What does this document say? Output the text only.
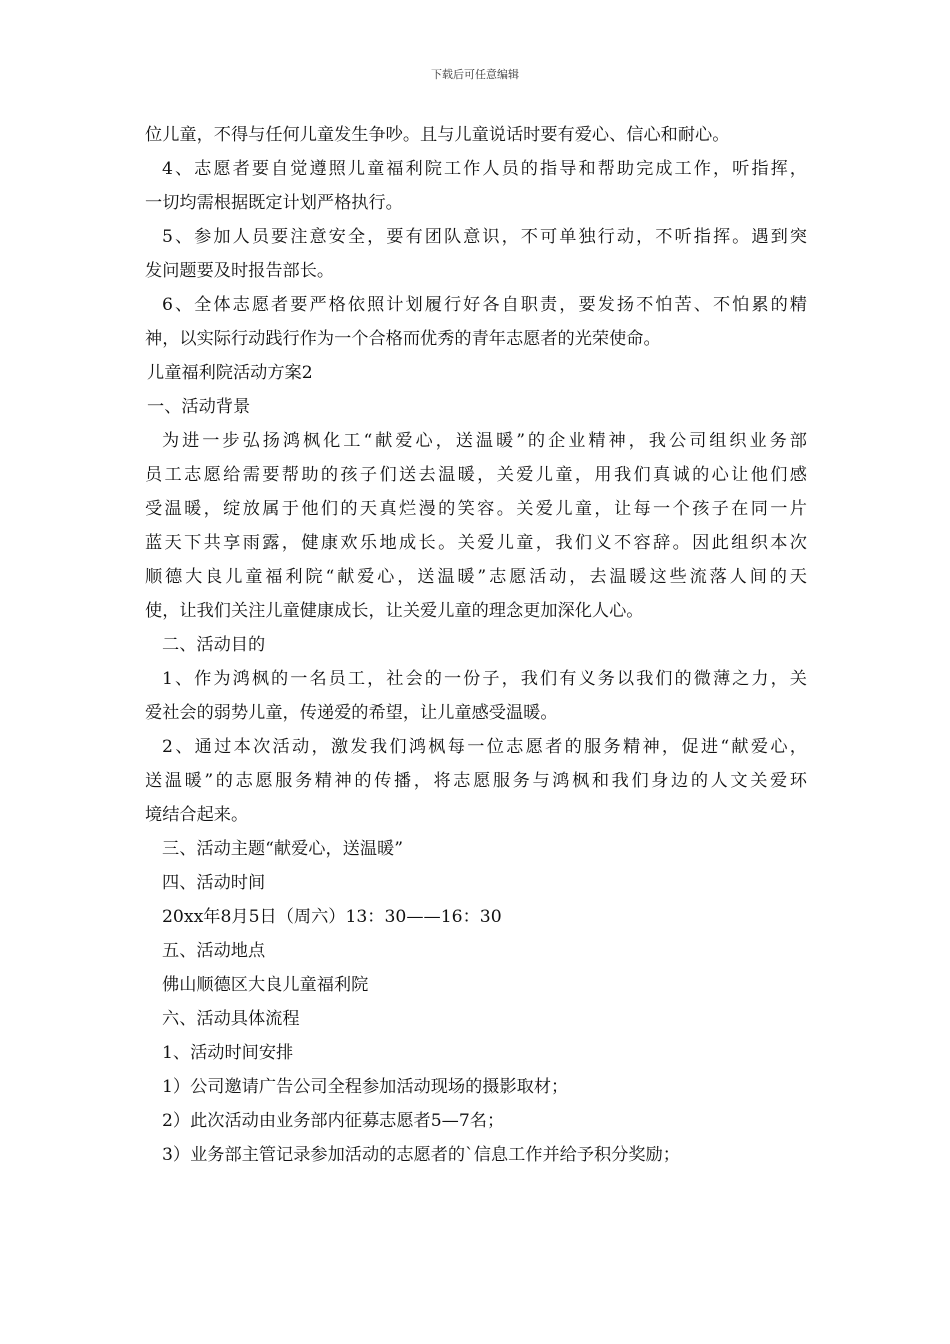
下载后可任意编辑
位儿童，不得与任何儿童发生争吵。且与儿童说话时要有爱心、信心和耐心。
4、志愿者要自觉遵照儿童福利院工作人员的指导和帮助完成工作，听指挥，
一切均需根据既定计划严格执行。
5、参加人员要注意安全，要有团队意识，不可单独行动，不听指挥。遇到突
发问题要及时报告部长。
6、全体志愿者要严格依照计划履行好各自职责，要发扬不怕苦、不怕累的精
神，以实际行动践行作为一个合格而优秀的青年志愿者的光荣使命。
儿童福利院活动方案2
一、活动背景
为进一步弘扬鸿枫化工“献爱心，送温暖”的企业精神，我公司组织业务部
员工志愿给需要帮助的孩子们送去温暖，关爱儿童，用我们真诚的心让他们感
受温暖，绽放属于他们的天真烂漫的笑容。关爱儿童，让每一个孩子在同一片
蓝天下共享雨露，健康欢乐地成长。关爱儿童，我们义不容辞。因此组织本次
顺德大良儿童福利院“献爱心，送温暖”志愿活动，去温暖这些流落人间的天
使，让我们关注儿童健康成长，让关爱儿童的理念更加深化人心。
二、活动目的
1、作为鸿枫的一名员工，社会的一份子，我们有义务以我们的微薄之力，关
爱社会的弱势儿童，传递爱的希望，让儿童感受温暖。
2、通过本次活动，激发我们鸿枫每一位志愿者的服务精神，促进“献爱心，
送温暖”的志愿服务精神的传播，将志愿服务与鸿枫和我们身边的人文关爱环
境结合起来。
三、活动主题“献爱心，送温暖”
四、活动时间
20xx年8月5日（周六）13：30——16：30
五、活动地点
佛山顺德区大良儿童福利院
六、活动具体流程
1、活动时间安排
1）公司邀请广告公司全程参加活动现场的摄影取材；
2）此次活动由业务部内征募志愿者5—7名；
3）业务部主管记录参加活动的志愿者的`信息工作并给予积分奖励；
